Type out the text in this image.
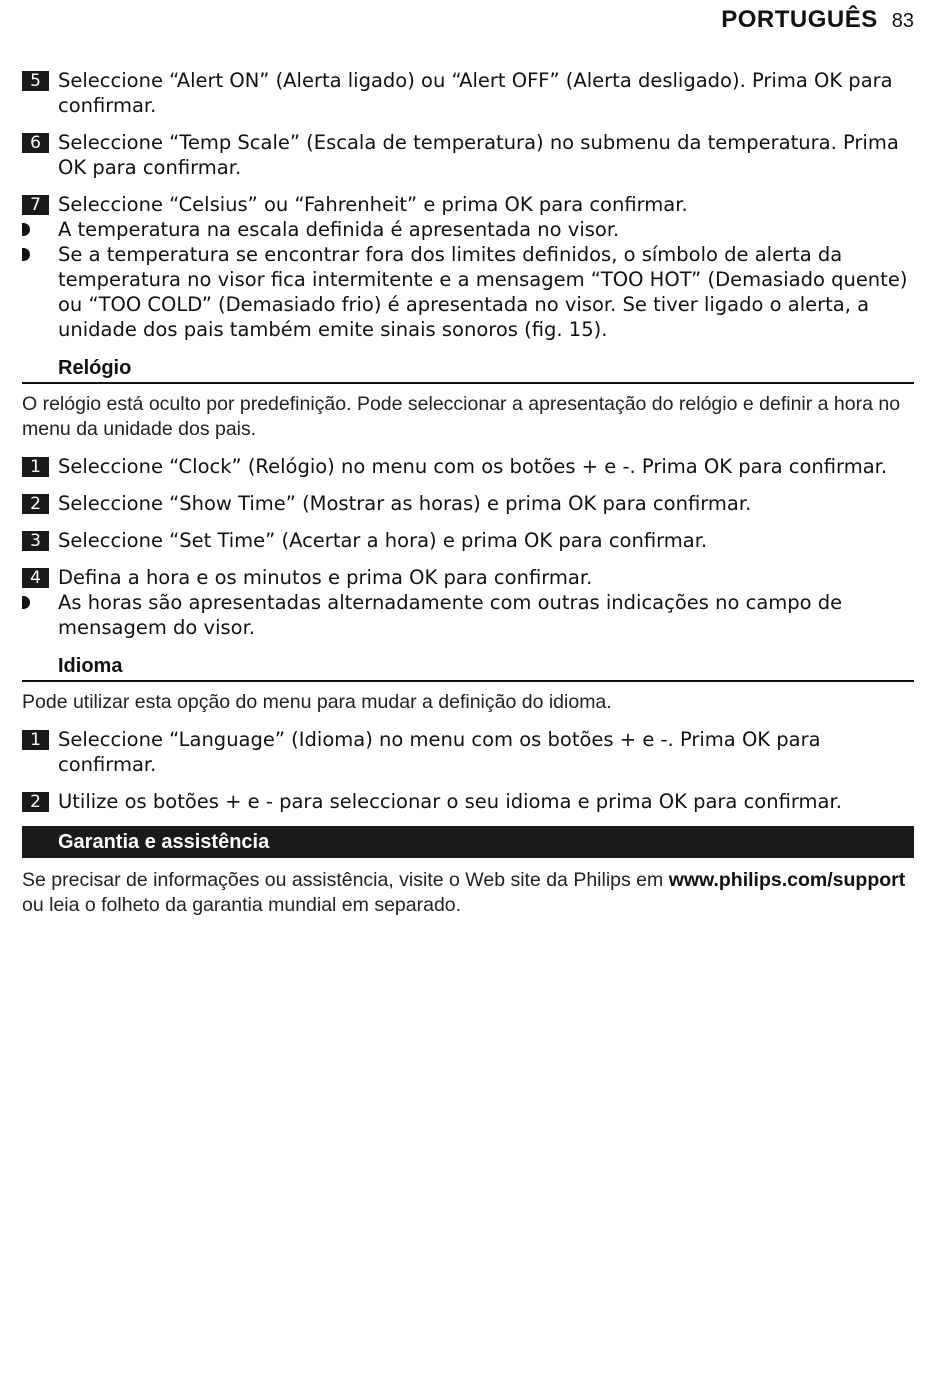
PORTUGUÊS 83
5 Seleccione “Alert ON” (Alerta ligado) ou “Alert OFF” (Alerta desligado). Prima OK para confirmar.
6 Seleccione “Temp Scale” (Escala de temperatura) no submenu da temperatura. Prima OK para confirmar.
7 Seleccione “Celsius” ou “Fahrenheit” e prima OK para confirmar.
A temperatura na escala definida é apresentada no visor.
Se a temperatura se encontrar fora dos limites definidos, o símbolo de alerta da temperatura no visor fica intermitente e a mensagem “TOO HOT” (Demasiado quente) ou “TOO COLD” (Demasiado frio) é apresentada no visor. Se tiver ligado o alerta, a unidade dos pais também emite sinais sonoros (fig. 15).
Relógio
O relógio está oculto por predefinição. Pode seleccionar a apresentação do relógio e definir a hora no menu da unidade dos pais.
1 Seleccione “Clock” (Relógio) no menu com os botões + e -. Prima OK para confirmar.
2 Seleccione “Show Time” (Mostrar as horas) e prima OK para confirmar.
3 Seleccione “Set Time” (Acertar a hora) e prima OK para confirmar.
4 Defina a hora e os minutos e prima OK para confirmar.
As horas são apresentadas alternadamente com outras indicações no campo de mensagem do visor.
Idioma
Pode utilizar esta opção do menu para mudar a definição do idioma.
1 Seleccione “Language” (Idioma) no menu com os botões + e -. Prima OK para confirmar.
2 Utilize os botões + e - para seleccionar o seu idioma e prima OK para confirmar.
Garantia e assistência
Se precisar de informações ou assistência, visite o Web site da Philips em www.philips.com/support ou leia o folheto da garantia mundial em separado.
